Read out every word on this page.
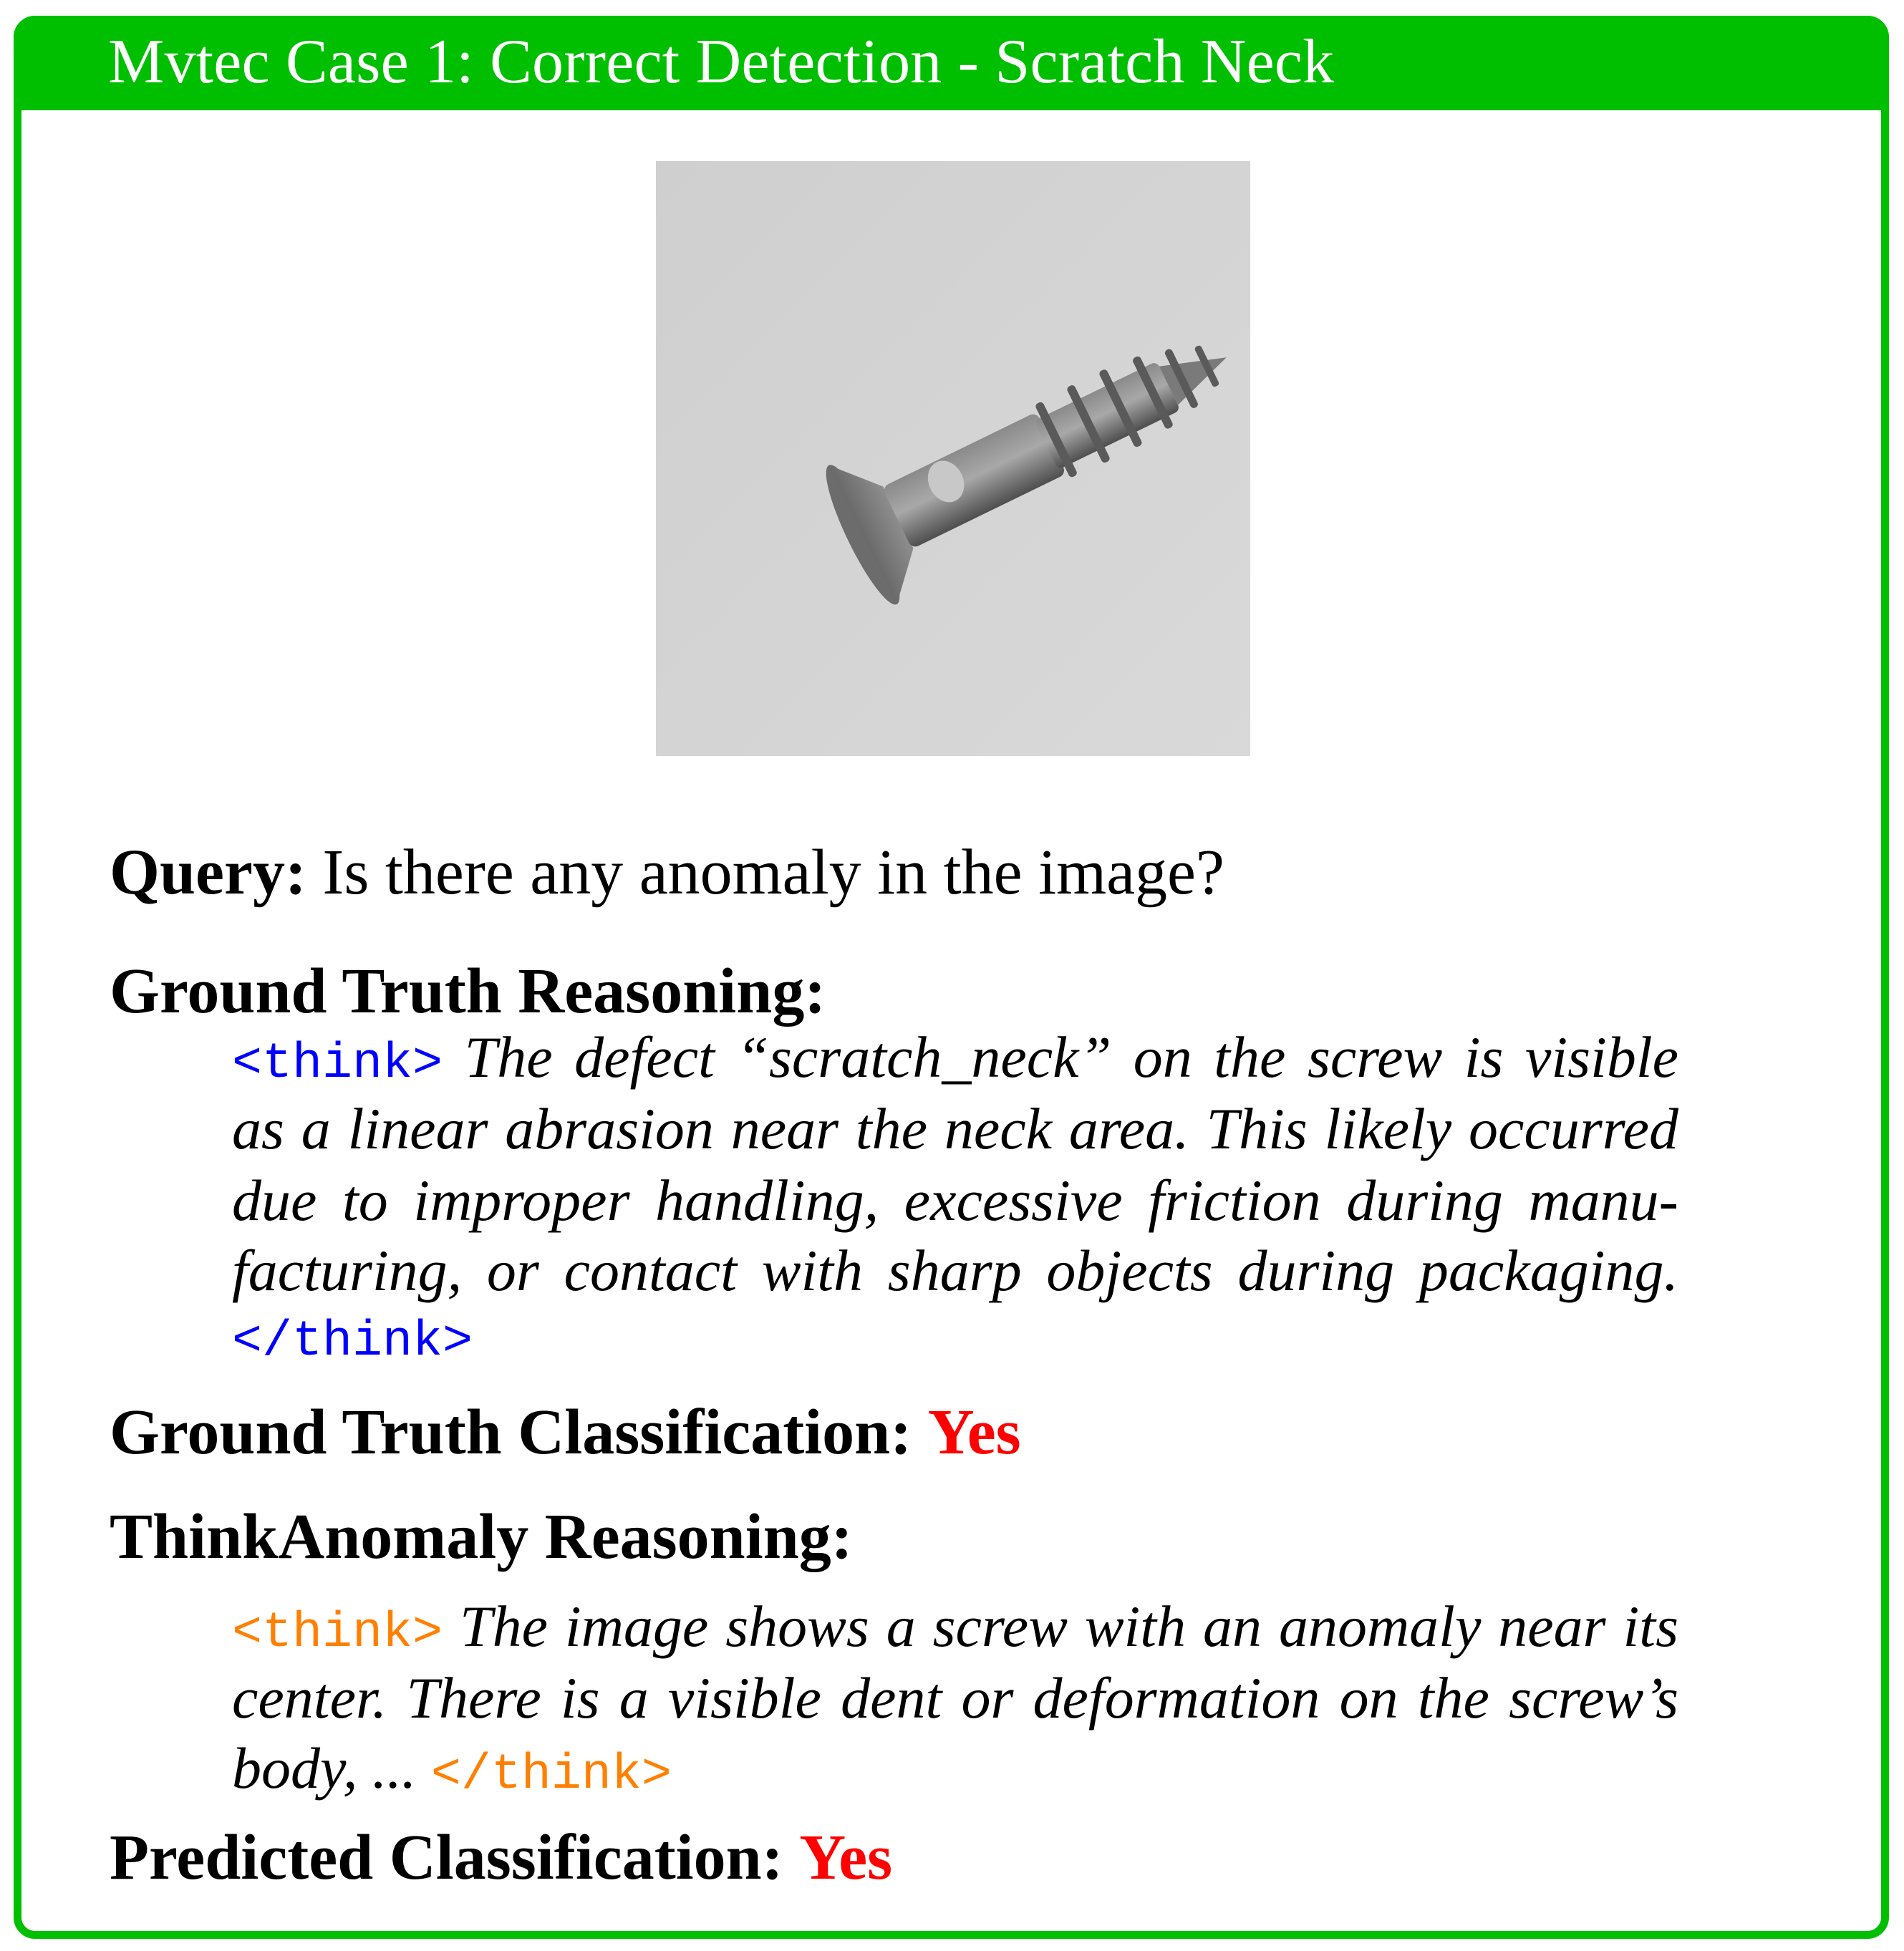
Mvtec Case 1: Correct Detection - Scratch Neck
Query: Is there any anomaly in the image?
Ground Truth Reasoning:
<think> The defect “scratch_neck” on the screw is visible
as a linear abrasion near the neck area. This likely occurred
due to improper handling, excessive friction during manu-
facturing, or contact with sharp objects during packaging.
</think>
Ground Truth Classification: Yes
ThinkAnomaly Reasoning:
<think> The image shows a screw with an anomaly near its
center. There is a visible dent or deformation on the screw’s
body, ... </think>
Predicted Classification: Yes
